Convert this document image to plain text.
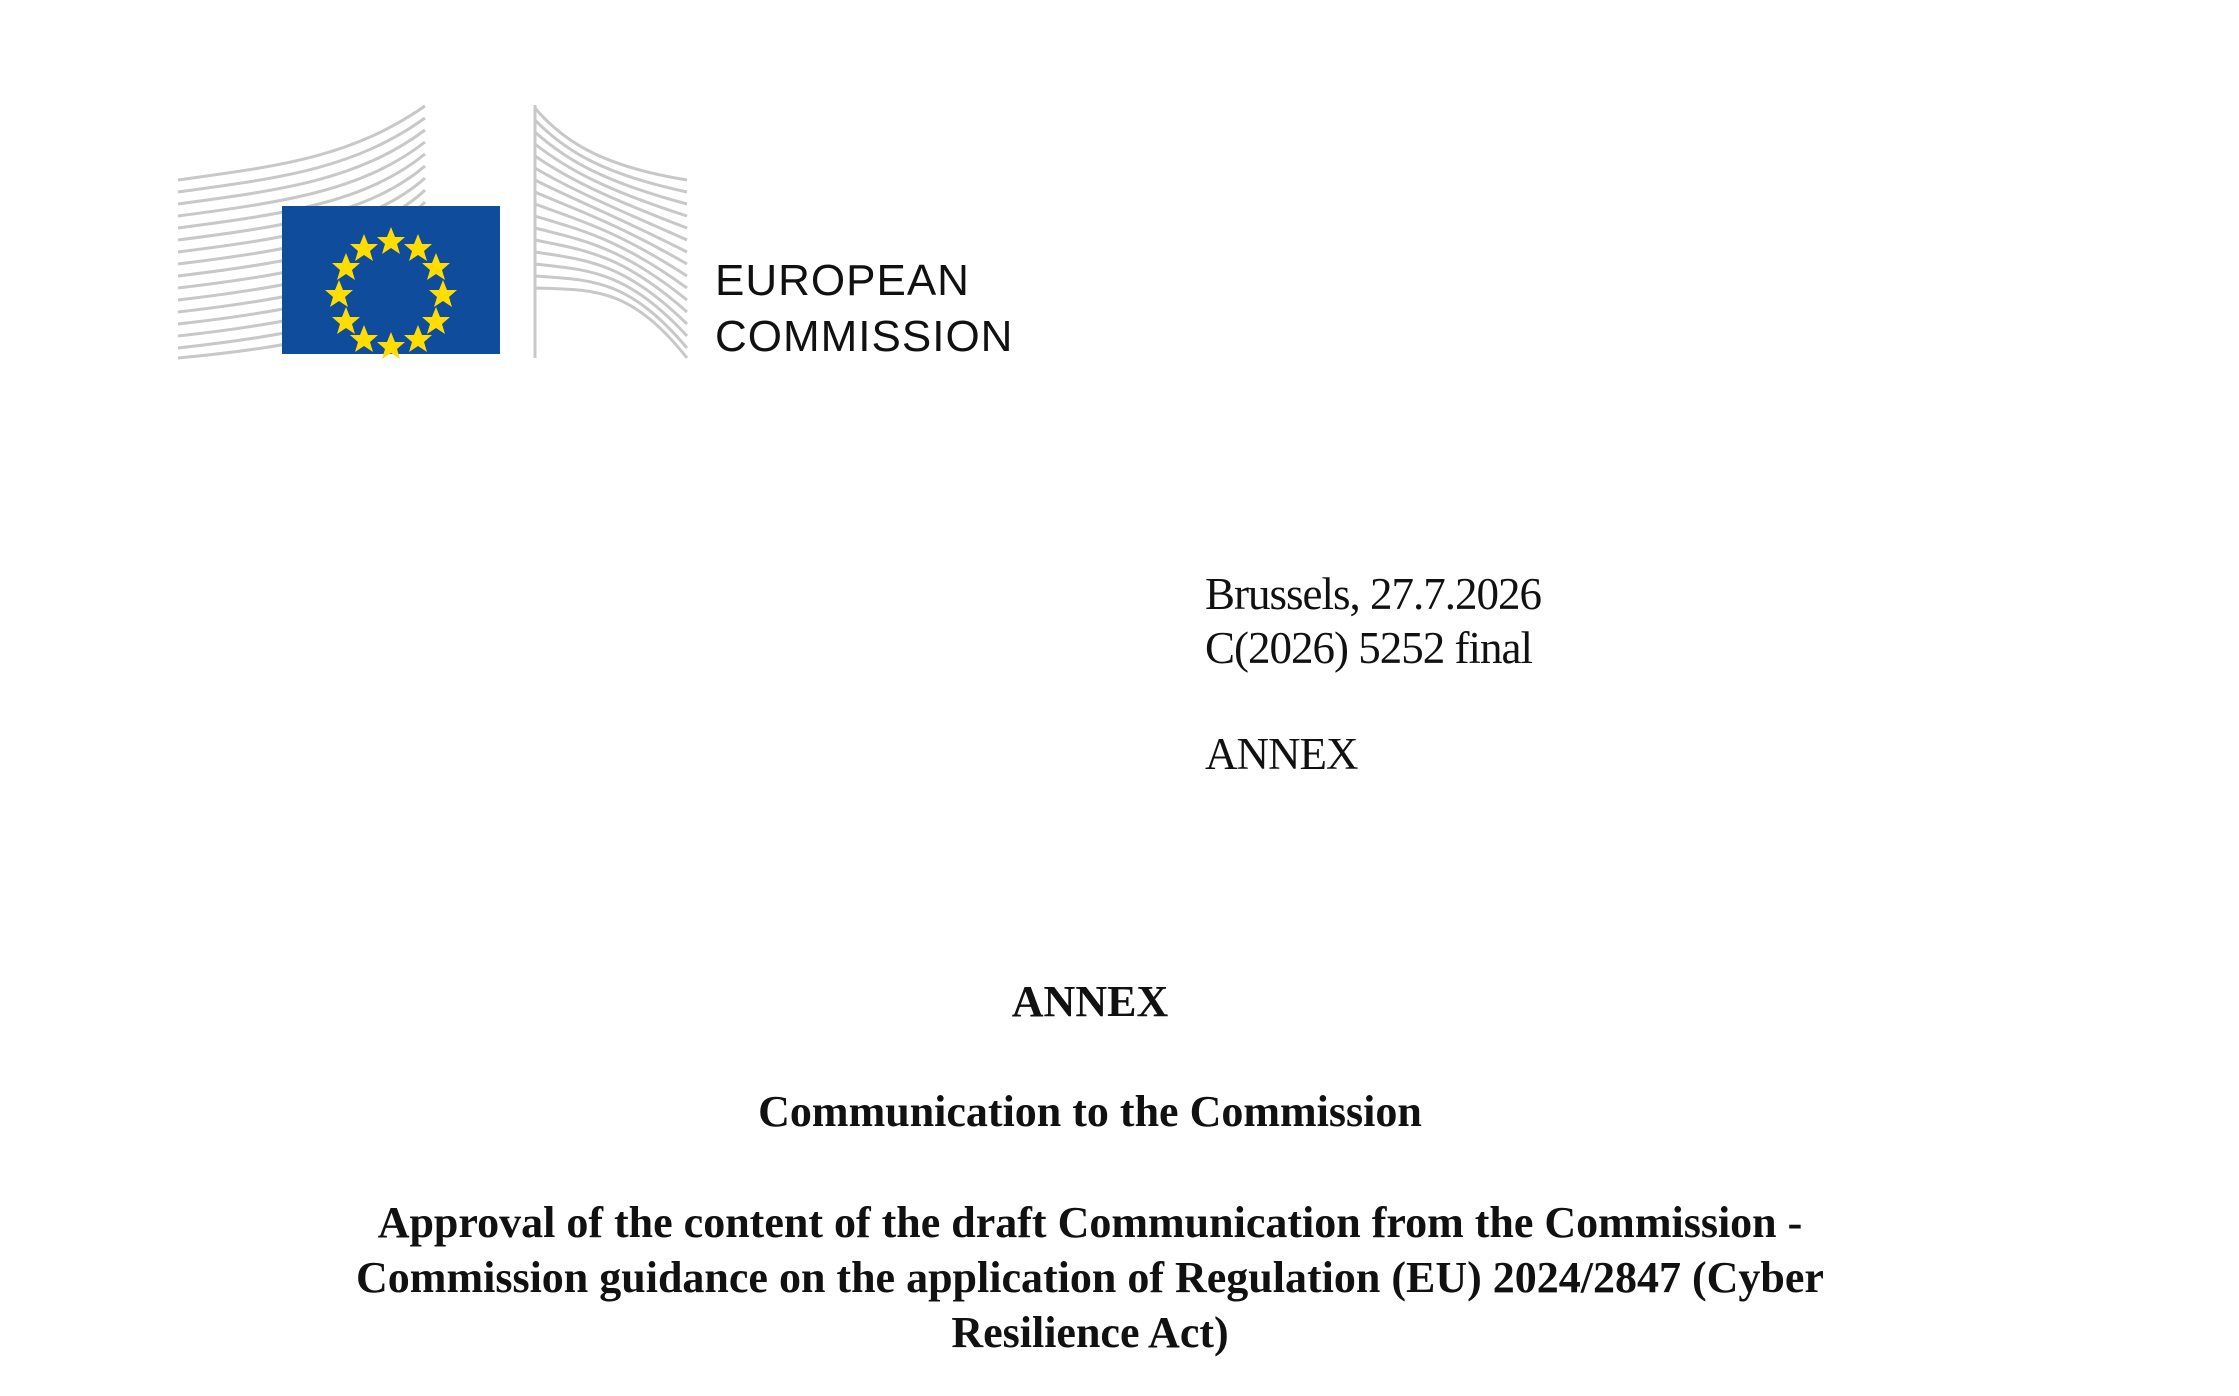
EUROPEAN
COMMISSION
Brussels, 27.7.2026
C(2026) 5252 final
ANNEX
ANNEX
Communication to the Commission
Approval of the content of the draft Communication from the Commission -
Commission guidance on the application of Regulation (EU) 2024/2847 (Cyber
Resilience Act)
